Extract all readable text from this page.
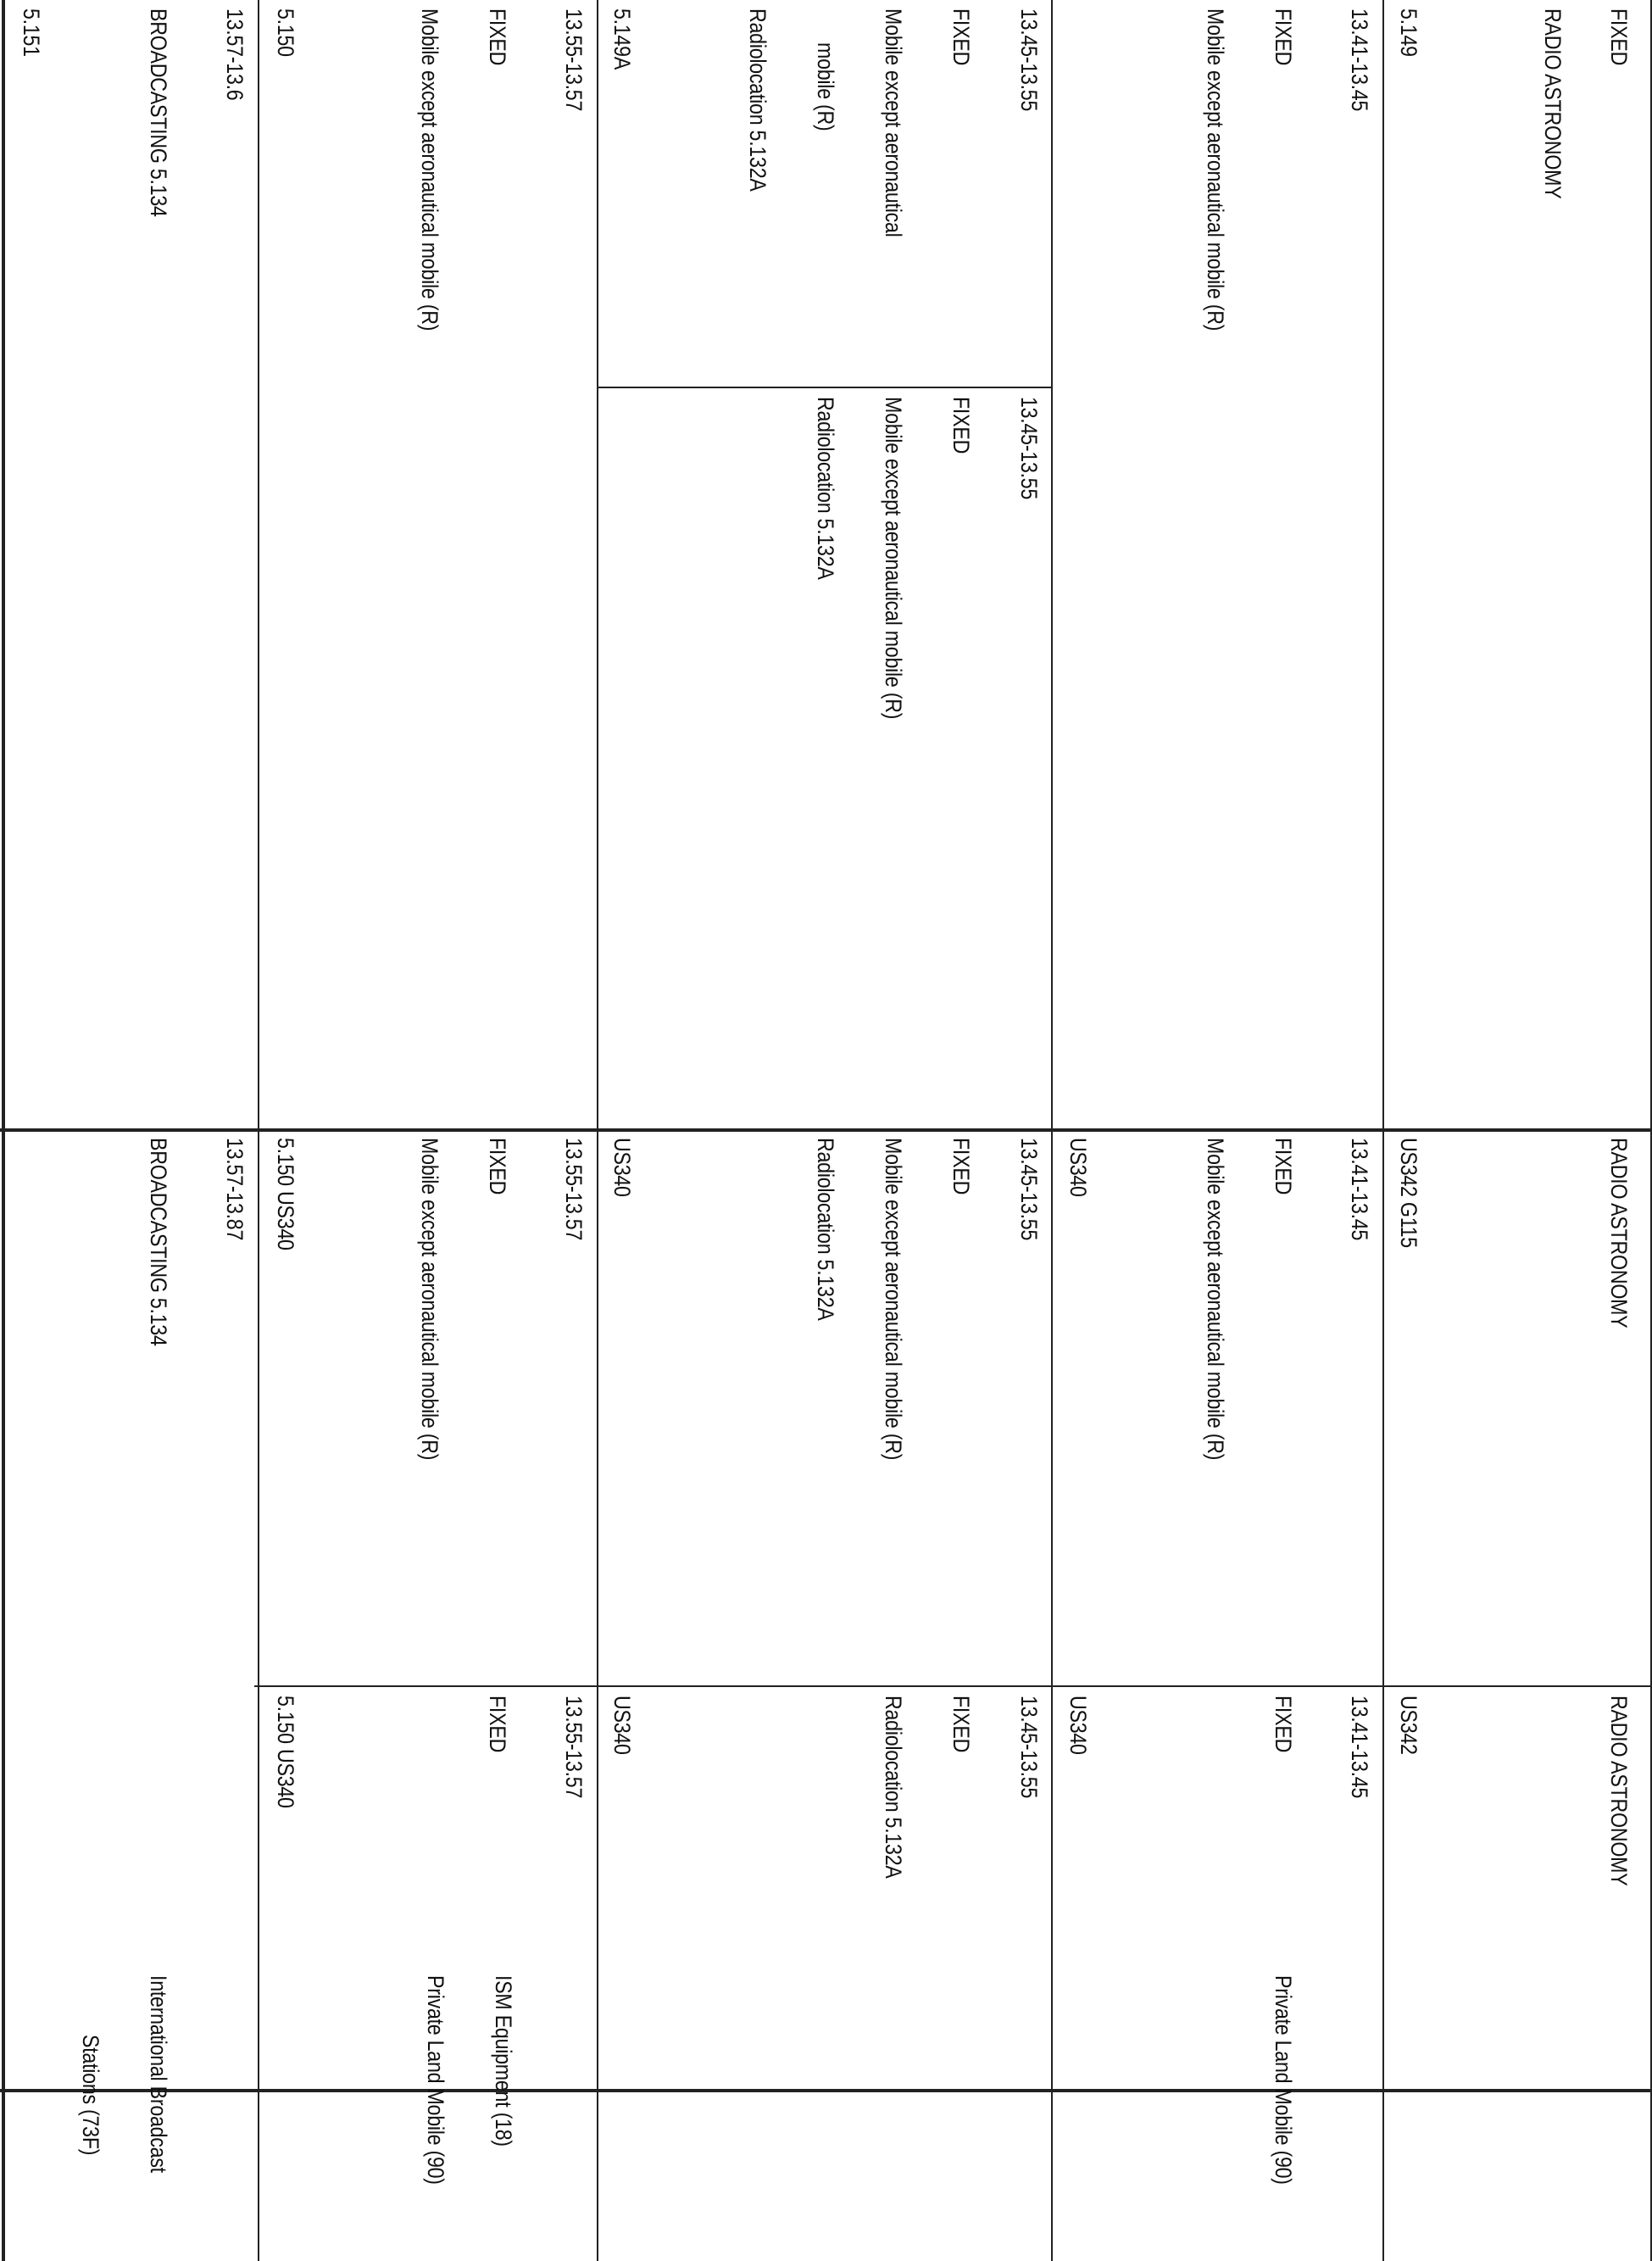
FIXED
RADIO ASTRONOMY
5.149
13.41-13.45
FIXED
Mobile except aeronautical mobile (R)
13.45-13.55
FIXED
Mobile except aeronautical
mobile (R)
Radiolocation 5.132A
5.149A
13.45-13.55
FIXED
Mobile except aeronautical mobile (R)
Radiolocation 5.132A
13.55-13.57
FIXED
Mobile except aeronautical mobile (R)
5.150
13.57-13.6
BROADCASTING 5.134
5.151
RADIO ASTRONOMY
US342 G115
13.41-13.45
FIXED
Mobile except aeronautical mobile (R)
US340
13.45-13.55
FIXED
Mobile except aeronautical mobile (R)
Radiolocation 5.132A
US340
13.55-13.57
FIXED
Mobile except aeronautical mobile (R)
5.150 US340
13.57-13.87
BROADCASTING 5.134
RADIO ASTRONOMY
US342
13.41-13.45
FIXED
US340
13.45-13.55
FIXED
Radiolocation 5.132A
US340
13.55-13.57
FIXED
5.150 US340
Private Land Mobile (90)
ISM Equipment (18)
Private Land Mobile (90)
International Broadcast
Stations (73F)
